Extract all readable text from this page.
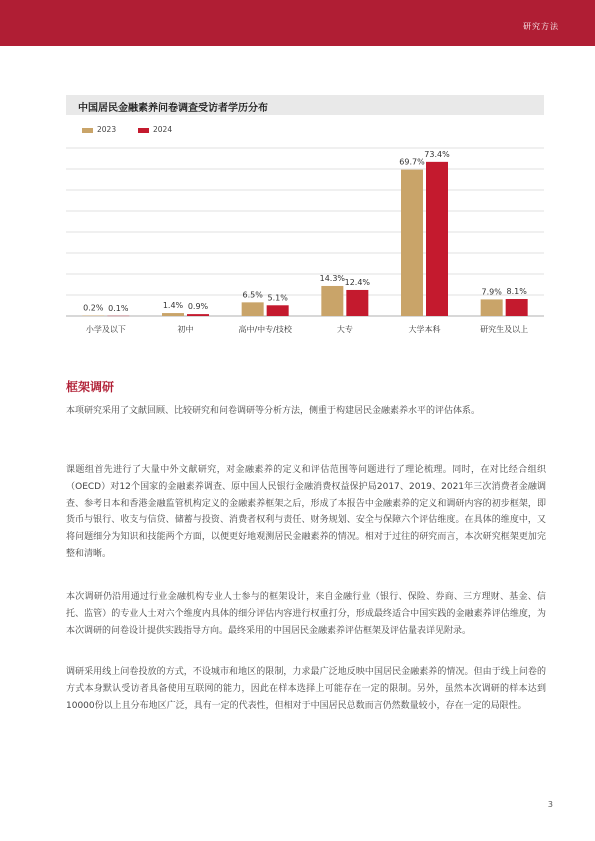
研究方法
中国居民金融素养问卷调查受访者学历分布
2023	2024
0.2% 0.1%
小学及以下
1.4% 0.9%
初中
6.5% 5.1%
高中/中专/技校
14.3% 12.4%
大专
69.7%
73.4%
大学本科
7.9% 8.1%
研究生及以上
框架调研

本项研究采用了文献回顾、比较研究和问卷调研等分析方法，侧重于构建居民金融素养水平的评估体系。

课题组首先进行了大量中外文献研究，对金融素养的定义和评估范围等问题进行了理论梳理。同时，在对比经合组织（OECD）对12个国家的金融素养调查、原中国人民银行金融消费权益保护局2017、2019、2021年三次消费者金融调查、参考日本和香港金融监管机构定义的金融素养框架之后，形成了本报告中金融素养的定义和调研内容的初步框架，即货币与银行、收支与信贷、储蓄与投资、消费者权利与责任、财务规划、安全与保障六个评估维度。在具体的维度中，又将问题细分为知识和技能两个方面，以便更好地观测居民金融素养的情况。相对于过往的研究而言，本次研究框架更加完整和清晰。

本次调研仍沿用通过行业金融机构专业人士参与的框架设计，来自金融行业（银行、保险、券商、三方理财、基金、信托、监管）的专业人士对六个维度内具体的细分评估内容进行权重打分，形成最终适合中国实践的金融素养评估维度，为本次调研的问卷设计提供实践指导方向。最终采用的中国居民金融素养评估框架及评估量表详见附录。

调研采用线上问卷投放的方式，不设城市和地区的限制，力求最广泛地反映中国居民金融素养的情况。但由于线上问卷的方式本身默认受访者具备使用互联网的能力，因此在样本选择上可能存在一定的限制。另外，虽然本次调研的样本达到10000份以上且分布地区广泛，具有一定的代表性，但相对于中国居民总数而言仍然数量较小，存在一定的局限性。

3
